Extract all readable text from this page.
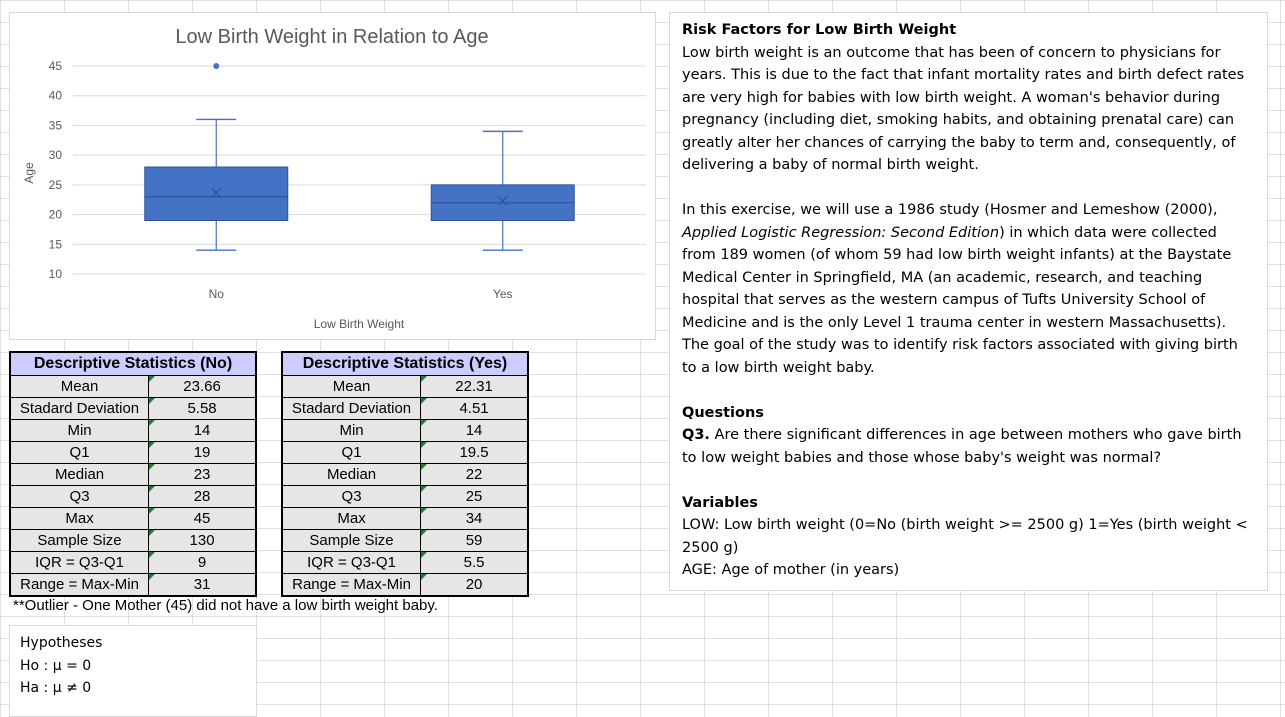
Low Birth Weight in Relation to Age
Age
Low Birth Weight
45
40
35
30
25
20
15
10
No	Yes
Descriptive Statistics (No)	
Mean	23.66
Stadard Deviation	5.58
Min	14
Q1	19
Median	23
Q3	28
Max	45
Sample Size	130
IQR = Q3-Q1	9
Range = Max-Min	31
Descriptive Statistics (Yes)	
Mean	22.31
Stadard Deviation	4.51
Min	14
Q1	19.5
Median	22
Q3	25
Max	34
Sample Size	59
IQR = Q3-Q1	5.5
Range = Max-Min	20
**Outlier - One Mother (45) did not have a low birth weight baby.
Hypotheses
Ho : μ = 0
Ha : μ ≠ 0

Risk Factors for Low Birth Weight

Low birth weight is an outcome that has been of concern to physicians for years. This is due to the fact that infant mortality rates and birth defect rates are very high for babies with low birth weight. A woman's behavior during pregnancy (including diet, smoking habits, and obtaining prenatal care) can greatly alter her chances of carrying the baby to term and, consequently, of delivering a baby of normal birth weight.

In this exercise, we will use a 1986 study (Hosmer and Lemeshow (2000), Applied Logistic Regression: Second Edition) in which data were collected from 189 women (of whom 59 had low birth weight infants) at the Baystate Medical Center in Springfield, MA (an academic, research, and teaching hospital that serves as the western campus of Tufts University School of Medicine and is the only Level 1 trauma center in western Massachusetts). The goal of the study was to identify risk factors associated with giving birth to a low birth weight baby.

Questions

Q3. Are there significant differences in age between mothers who gave birth to low weight babies and those whose baby's weight was normal?

Variables

LOW: Low birth weight (0=No (birth weight >= 2500 g) 1=Yes (birth weight < 2500 g)

AGE: Age of mother (in years)
